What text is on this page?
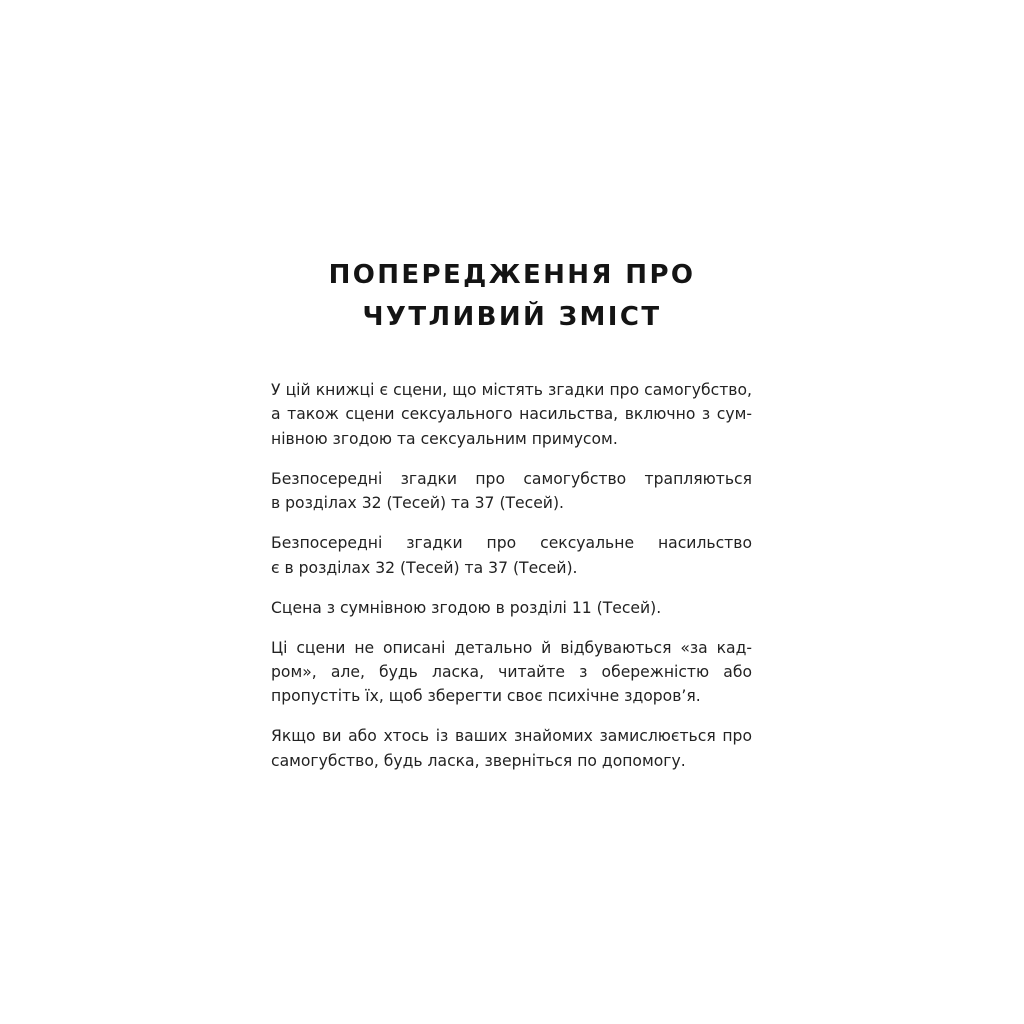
ПОПЕРЕДЖЕННЯ ПРО
ЧУТЛИВИЙ ЗМІСТ

У цій книжці є сцени, що містять згадки про самогубство,
а також сцени сексуального насильства, включно з сум-
нівною згодою та сексуальним примусом.

Безпосередні згадки про самогубство трапляються
в розділах 32 (Тесей) та 37 (Тесей).

Безпосередні згадки про сексуальне насильство
є в розділах 32 (Тесей) та 37 (Тесей).

Сцена з сумнівною згодою в розділі 11 (Тесей).

Ці сцени не описані детально й відбуваються «за кад-
ром», але, будь ласка, читайте з обережністю або
пропустіть їх, щоб зберегти своє психічне здоров’я.

Якщо ви або хтось із ваших знайомих замислюється про
самогубство, будь ласка, зверніться по допомогу.
